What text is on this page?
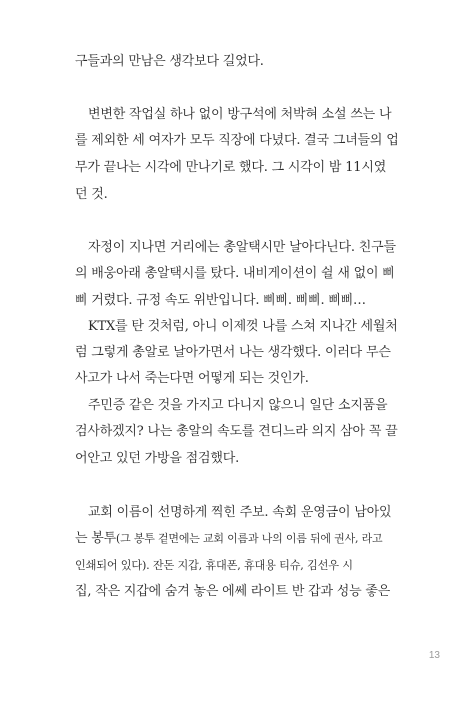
구들과의 만남은 생각보다 길었다.
변변한 작업실 하나 없이 방구석에 처박혀 소설 쓰는 나
를 제외한 세 여자가 모두 직장에 다녔다. 결국 그녀들의 업
무가 끝나는 시각에 만나기로 했다. 그 시각이 밤 11시였
던 것.
자정이 지나면 거리에는 총알택시만 날아다닌다. 친구들
의 배웅아래 총알택시를 탔다. 내비게이션이 쉴 새 없이 삐
삐 거렸다. 규정 속도 위반입니다. 삐삐. 삐삐. 삐삐…
KTX를 탄 것처럼, 아니 이제껏 나를 스쳐 지나간 세월처
럼 그렇게 총알로 날아가면서 나는 생각했다. 이러다 무슨
사고가 나서 죽는다면 어떻게 되는 것인가.
주민증 같은 것을 가지고 다니지 않으니 일단 소지품을
검사하겠지? 나는 총알의 속도를 견디느라 의지 삼아 꼭 끌
어안고 있던 가방을 점검했다.
교회 이름이 선명하게 찍힌 주보. 속회 운영금이 남아있
는 봉투(그 봉투 겉면에는 교회 이름과 나의 이름 뒤에 권사, 라고
인쇄되어 있다). 잔돈 지갑, 휴대폰, 휴대용 티슈, 김선우 시
집, 작은 지갑에 숨겨 놓은 에쎄 라이트 반 갑과 성능 좋은
13
